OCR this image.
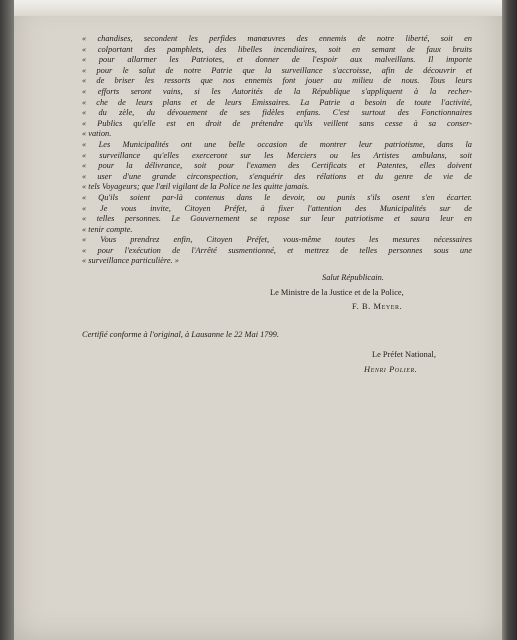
« chandises, secondent les perfides manœuvres des ennemis de notre liberté, soit en
« colportant des pamphlets, des libelles incendiaires, soit en semant de faux bruits
« pour allarmer les Patriotes, et donner de l'espoir aux malveillans. Il importe
« pour le salut de notre Patrie que la surveillance s'accroisse, afin de découvrir et
« de briser les ressorts que nos ennemis font jouer au milieu de nous. Tous leurs
« efforts seront vains, si les Autorités de la République s'appliquent à la recher-
« che de leurs plans et de leurs Emissaires. La Patrie a besoin de toute l'activité,
« du zèle, du dévouement de ses fidèles enfans. C'est surtout des Fonctionnaires
« Publics qu'elle est en droit de prétendre qu'ils veillent sans cesse à sa conser-
« vation.
« Les Municipalités ont une belle occasion de montrer leur patriotisme, dans la
« surveillance qu'elles exerceront sur les Merciers ou les Artistes ambulans, soit
« pour la délivrance, soit pour l'examen des Certificats et Patentes, elles doivent
« user d'une grande circonspection, s'enquérir des rélations et du genre de vie de
« tels Voyageurs; que l'œil vigilant de la Police ne les quitte jamais.
« Qu'ils soient par-là contenus dans le devoir, ou punis s'ils osent s'en écarter.
« Je vous invite, Citoyen Préfet, à fixer l'attention des Municipalités sur de
« telles personnes. Le Gouvernement se repose sur leur patriotisme et saura leur en
« tenir compte.
« Vous prendrez enfin, Citoyen Préfet, vous-même toutes les mesures nécessaires
« pour l'exécution de l'Arrêté susmentionné, et mettrez de telles personnes sous une
« surveillance particulière. »
Salut Républicain.
Le Ministre de la Justice et de la Police,
F. B. Meyer.
Certifié conforme à l'original, à Lausanne le 22 Mai 1799.
Le Préfet National,
Henri Polier.
